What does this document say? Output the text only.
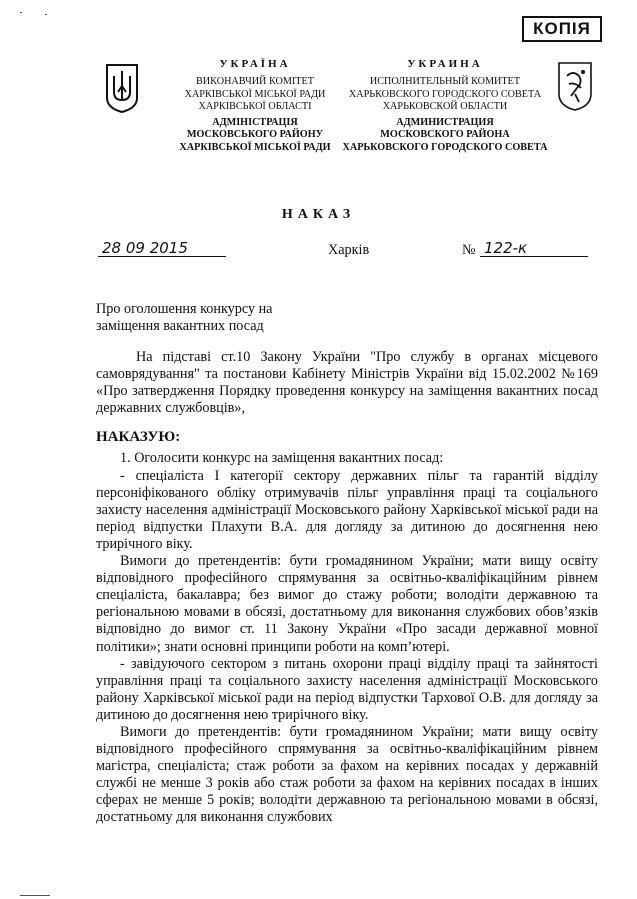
КОПІЯ
УКРАЇНА
ВИКОНАВЧИЙ КОМІТЕТ
ХАРКІВСЬКОЇ МІСЬКОЇ РАДИ
ХАРКІВСЬКОЇ ОБЛАСТІ
АДМІНІСТРАЦІЯ
МОСКОВСЬКОГО РАЙОНУ
ХАРКІВСЬКОЇ МІСЬКОЇ РАДИ
УКРАИНА
ИСПОЛНИТЕЛЬНЫЙ КОМИТЕТ
ХАРЬКОВСКОГО ГОРОДСКОГО СОВЕТА
ХАРЬКОВСКОЙ ОБЛАСТИ
АДМИНИСТРАЦИЯ
МОСКОВСКОГО РАЙОНА
ХАРЬКОВСКОГО ГОРОДСКОГО СОВЕТА
НАКАЗ
28 09 2015	Харків	№ 122-к

Про оголошення конкурсу на

заміщення вакантних посад

На підставі ст.10 Закону України "Про службу в органах місцевого самоврядування" та постанови Кабінету Міністрів України від 15.02.2002 №169 «Про затвердження Порядку проведення конкурсу на заміщення вакантних посад державних службовців»,

НАКАЗУЮ:

1. Оголосити конкурс на заміщення вакантних посад:

- спеціаліста І категорії сектору державних пільг та гарантій відділу персоніфікованого обліку отримувачів пільг управління праці та соціального захисту населення адміністрації Московського району Харківської міської ради на період відпустки Плахути В.А. для догляду за дитиною до досягнення нею трирічного віку.

Вимоги до претендентів: бути громадянином України; мати вищу освіту відповідного професійного спрямування за освітньо-кваліфікаційним рівнем спеціаліста, бакалавра; без вимог до стажу роботи; володіти державною та регіональною мовами в обсязі, достатньому для виконання службових обов’язків відповідно до вимог ст. 11 Закону України «Про засади державної мовної політики»; знати основні принципи роботи на комп’ютері.

- завідуючого сектором з питань охорони праці відділу праці та зайнятості управління праці та соціального захисту населення адміністрації Московського району Харківської міської ради на період відпустки Тархової О.В. для догляду за дитиною до досягнення нею трирічного віку.

Вимоги до претендентів: бути громадянином України; мати вищу освіту відповідного професійного спрямування за освітньо-кваліфікаційним рівнем магістра, спеціаліста; стаж роботи за фахом на керівних посадах у державній службі не менше 3 років або стаж роботи за фахом на керівних посадах в інших сферах не менше 5 років; володіти державною та регіональною мовами в обсязі, достатньому для виконання службових
